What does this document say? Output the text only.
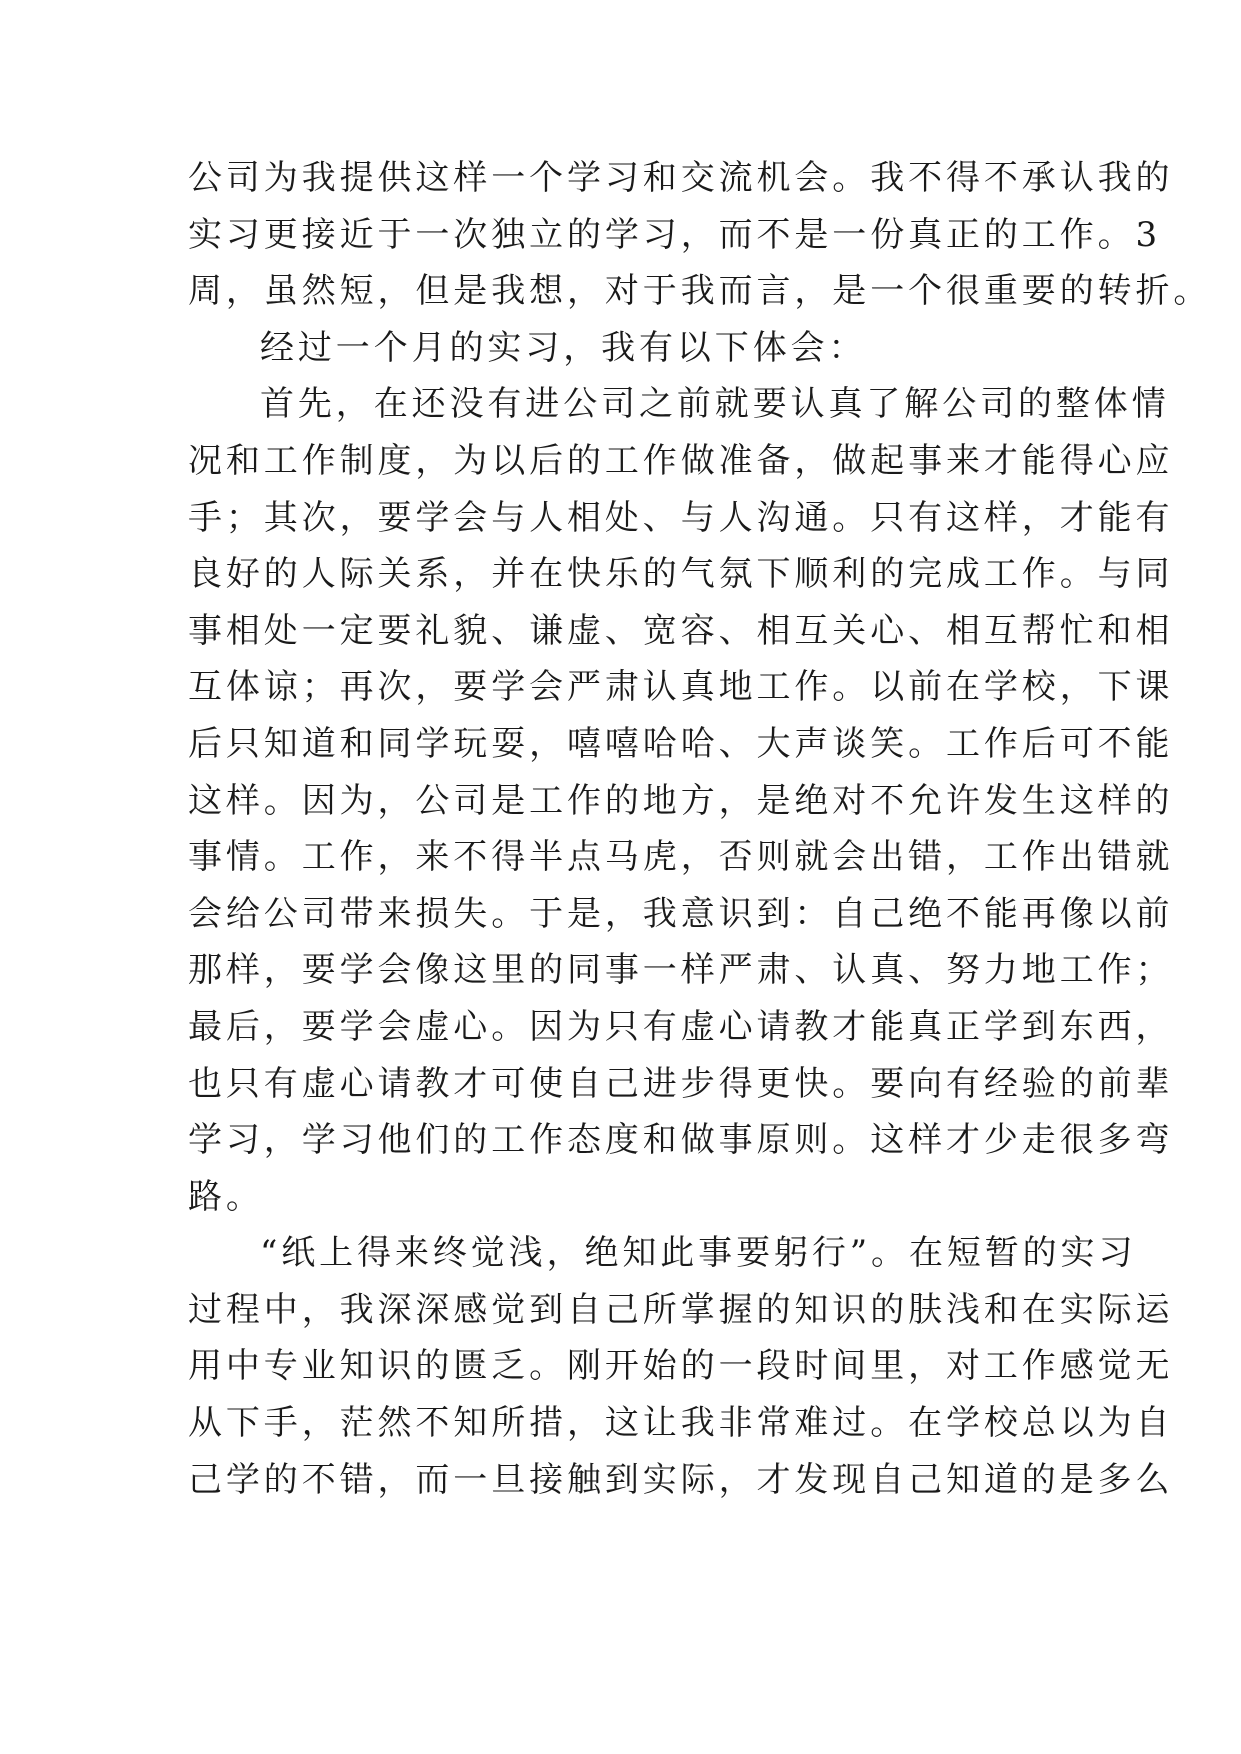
公司为我提供这样一个学习和交流机会。我不得不承认我的
实习更接近于一次独立的学习，而不是一份真正的工作。3
周，虽然短，但是我想，对于我而言，是一个很重要的转折。
经过一个月的实习，我有以下体会：
首先，在还没有进公司之前就要认真了解公司的整体情
况和工作制度，为以后的工作做准备，做起事来才能得心应
手；其次，要学会与人相处、与人沟通。只有这样，才能有
良好的人际关系，并在快乐的气氛下顺利的完成工作。与同
事相处一定要礼貌、谦虚、宽容、相互关心、相互帮忙和相
互体谅；再次，要学会严肃认真地工作。以前在学校，下课
后只知道和同学玩耍，嘻嘻哈哈、大声谈笑。工作后可不能
这样。因为，公司是工作的地方，是绝对不允许发生这样的
事情。工作，来不得半点马虎，否则就会出错，工作出错就
会给公司带来损失。于是，我意识到：自己绝不能再像以前
那样，要学会像这里的同事一样严肃、认真、努力地工作；
最后，要学会虚心。因为只有虚心请教才能真正学到东西，
也只有虚心请教才可使自己进步得更快。要向有经验的前辈
学习，学习他们的工作态度和做事原则。这样才少走很多弯
路。
“纸上得来终觉浅，绝知此事要躬行”。在短暂的实习
过程中，我深深感觉到自己所掌握的知识的肤浅和在实际运
用中专业知识的匮乏。刚开始的一段时间里，对工作感觉无
从下手，茫然不知所措，这让我非常难过。在学校总以为自
己学的不错，而一旦接触到实际，才发现自己知道的是多么
